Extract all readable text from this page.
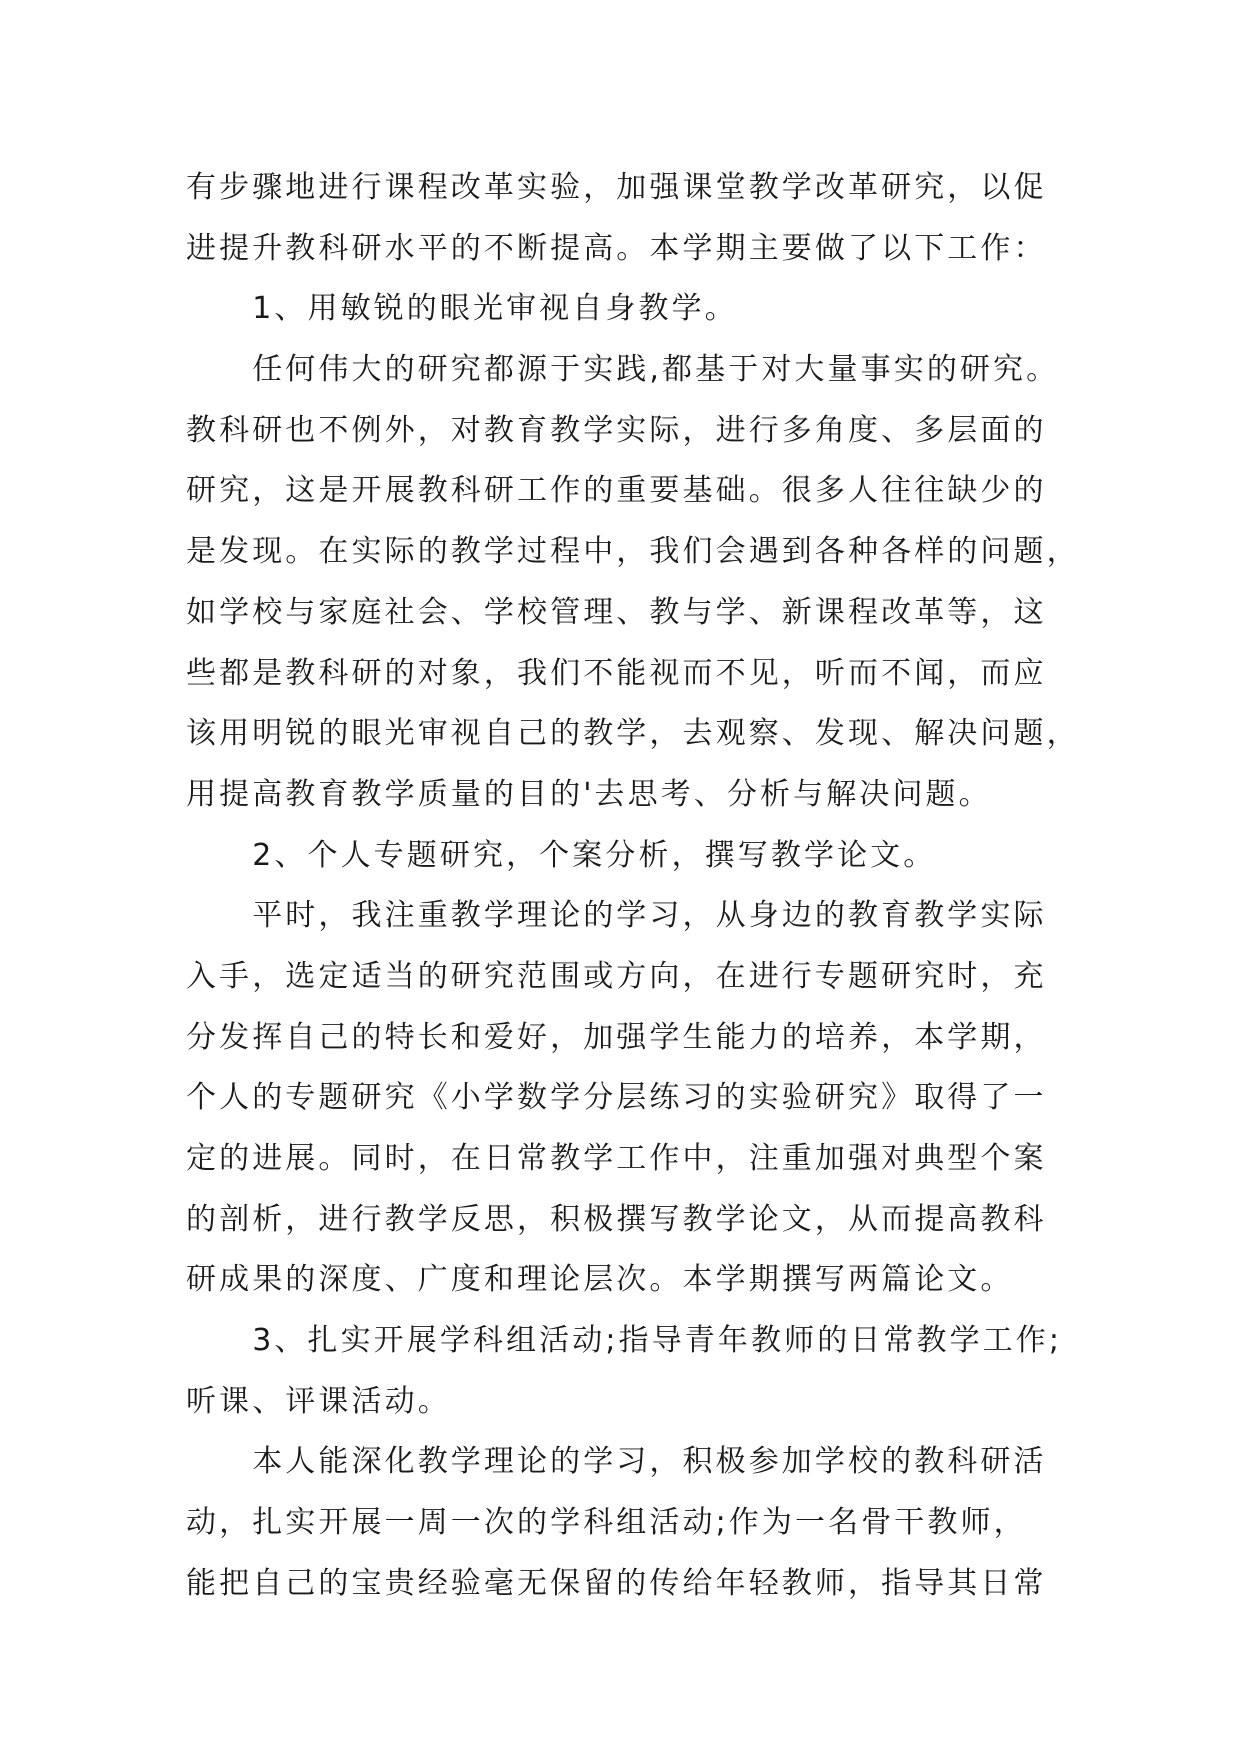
有步骤地进行课程改革实验，加强课堂教学改革研究，以促
进提升教科研水平的不断提高。本学期主要做了以下工作：
　　1、用敏锐的眼光审视自身教学。
　　任何伟大的研究都源于实践,都基于对大量事实的研究。
教科研也不例外，对教育教学实际，进行多角度、多层面的
研究，这是开展教科研工作的重要基础。很多人往往缺少的
是发现。在实际的教学过程中，我们会遇到各种各样的问题，
如学校与家庭社会、学校管理、教与学、新课程改革等，这
些都是教科研的对象，我们不能视而不见，听而不闻，而应
该用明锐的眼光审视自己的教学，去观察、发现、解决问题，
用提高教育教学质量的目的'去思考、分析与解决问题。
　　2、个人专题研究，个案分析，撰写教学论文。
　　平时，我注重教学理论的学习，从身边的教育教学实际
入手，选定适当的研究范围或方向，在进行专题研究时，充
分发挥自己的特长和爱好，加强学生能力的培养，本学期，
个人的专题研究《小学数学分层练习的实验研究》取得了一
定的进展。同时，在日常教学工作中，注重加强对典型个案
的剖析，进行教学反思，积极撰写教学论文，从而提高教科
研成果的深度、广度和理论层次。本学期撰写两篇论文。
　　3、扎实开展学科组活动;指导青年教师的日常教学工作;
听课、评课活动。
　　本人能深化教学理论的学习，积极参加学校的教科研活
动，扎实开展一周一次的学科组活动;作为一名骨干教师，
能把自己的宝贵经验毫无保留的传给年轻教师，指导其日常
